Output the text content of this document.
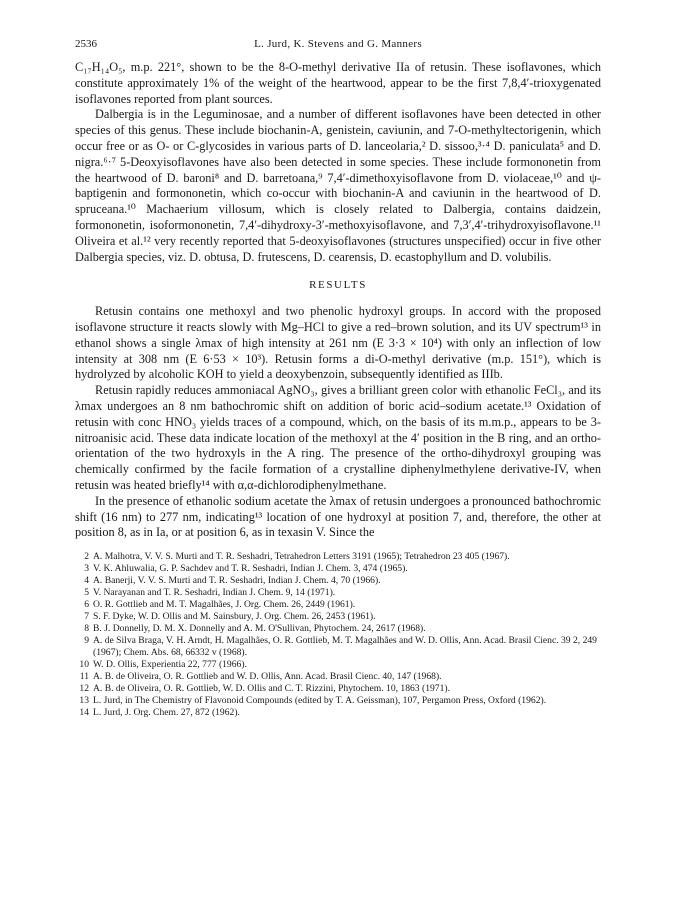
2536	L. Jurd, K. Stevens and G. Manners

C₁₇H₁₄O₅, m.p. 221°, shown to be the 8-O-methyl derivative IIa of retusin. These isoflavones, which constitute approximately 1% of the weight of the heartwood, appear to be the first 7,8,4′-trioxygenated isoflavones reported from plant sources.

Dalbergia is in the Leguminosae, and a number of different isoflavones have been detected in other species of this genus. These include biochanin-A, genistein, caviunin, and 7-O-methyltectorigenin, which occur free or as O- or C-glycosides in various parts of D. lanceolaria,² D. sissoo,³·⁴ D. paniculata⁵ and D. nigra.⁶·⁷ 5-Deoxyisoflavones have also been detected in some species. These include formononetin from the heartwood of D. baroni⁸ and D. barretoana,⁹ 7,4′-dimethoxyisoflavone from D. violaceae,¹⁰ and ψ-baptigenin and formononetin, which co-occur with biochanin-A and caviunin in the heartwood of D. spruceana.¹⁰ Machaerium villosum, which is closely related to Dalbergia, contains daidzein, formononetin, isoformononetin, 7,4′-dihydroxy-3′-methoxyisoflavone, and 7,3′,4′-trihydroxyisoflavone.¹¹ Oliveira et al.¹² very recently reported that 5-deoxyisoflavones (structures unspecified) occur in five other Dalbergia species, viz. D. obtusa, D. frutescens, D. cearensis, D. ecastophyllum and D. volubilis.

RESULTS

Retusin contains one methoxyl and two phenolic hydroxyl groups. In accord with the proposed isoflavone structure it reacts slowly with Mg–HCl to give a red–brown solution, and its UV spectrum¹³ in ethanol shows a single λmax of high intensity at 261 nm (E 3·3 × 10⁴) with only an inflection of low intensity at 308 nm (E 6·53 × 10³). Retusin forms a di-O-methyl derivative (m.p. 151°), which is hydrolyzed by alcoholic KOH to yield a deoxybenzoin, subsequently identified as IIIb.

Retusin rapidly reduces ammoniacal AgNO₃, gives a brilliant green color with ethanolic FeCl₃, and its λmax undergoes an 8 nm bathochromic shift on addition of boric acid–sodium acetate.¹³ Oxidation of retusin with conc HNO₃ yields traces of a compound, which, on the basis of its m.m.p., appears to be 3-nitroanisic acid. These data indicate location of the methoxyl at the 4′ position in the B ring, and an ortho-orientation of the two hydroxyls in the A ring. The presence of the ortho-dihydroxyl grouping was chemically confirmed by the facile formation of a crystalline diphenylmethylene derivative-IV, when retusin was heated briefly¹⁴ with α,α-dichlorodiphenylmethane.

In the presence of ethanolic sodium acetate the λmax of retusin undergoes a pronounced bathochromic shift (16 nm) to 277 nm, indicating¹³ location of one hydroxyl at position 7, and, therefore, the other at position 8, as in Ia, or at position 6, as in texasin V. Since the

2 A. Malhotra, V. V. S. Murti and T. R. Seshadri, Tetrahedron Letters 3191 (1965); Tetrahedron 23 405 (1967).
3 V. K. Ahluwalia, G. P. Sachdev and T. R. Seshadri, Indian J. Chem. 3, 474 (1965).
4 A. Banerji, V. V. S. Murti and T. R. Seshadri, Indian J. Chem. 4, 70 (1966).
5 V. Narayanan and T. R. Seshadri, Indian J. Chem. 9, 14 (1971).
6 O. R. Gottlieb and M. T. Magalhães, J. Org. Chem. 26, 2449 (1961).
7 S. F. Dyke, W. D. Ollis and M. Sainsbury, J. Org. Chem. 26, 2453 (1961).
8 B. J. Donnelly, D. M. X. Donnelly and A. M. O'Sullivan, Phytochem. 24, 2617 (1968).
9 A. de Silva Braga, V. H. Arndt, H. Magalhães, O. R. Gottlieb, M. T. Magalhães and W. D. Ollis, Ann. Acad. Brasil Cienc. 39 2, 249 (1967); Chem. Abs. 68, 66332 v (1968).
10 W. D. Ollis, Experientia 22, 777 (1966).
11 A. B. de Oliveira, O. R. Gottlieb and W. D. Ollis, Ann. Acad. Brasil Cienc. 40, 147 (1968).
12 A. B. de Oliveira, O. R. Gottlieb, W. D. Ollis and C. T. Rizzini, Phytochem. 10, 1863 (1971).
13 L. Jurd, in The Chemistry of Flavonoid Compounds (edited by T. A. Geissman), 107, Pergamon Press, Oxford (1962).
14 L. Jurd, J. Org. Chem. 27, 872 (1962).
